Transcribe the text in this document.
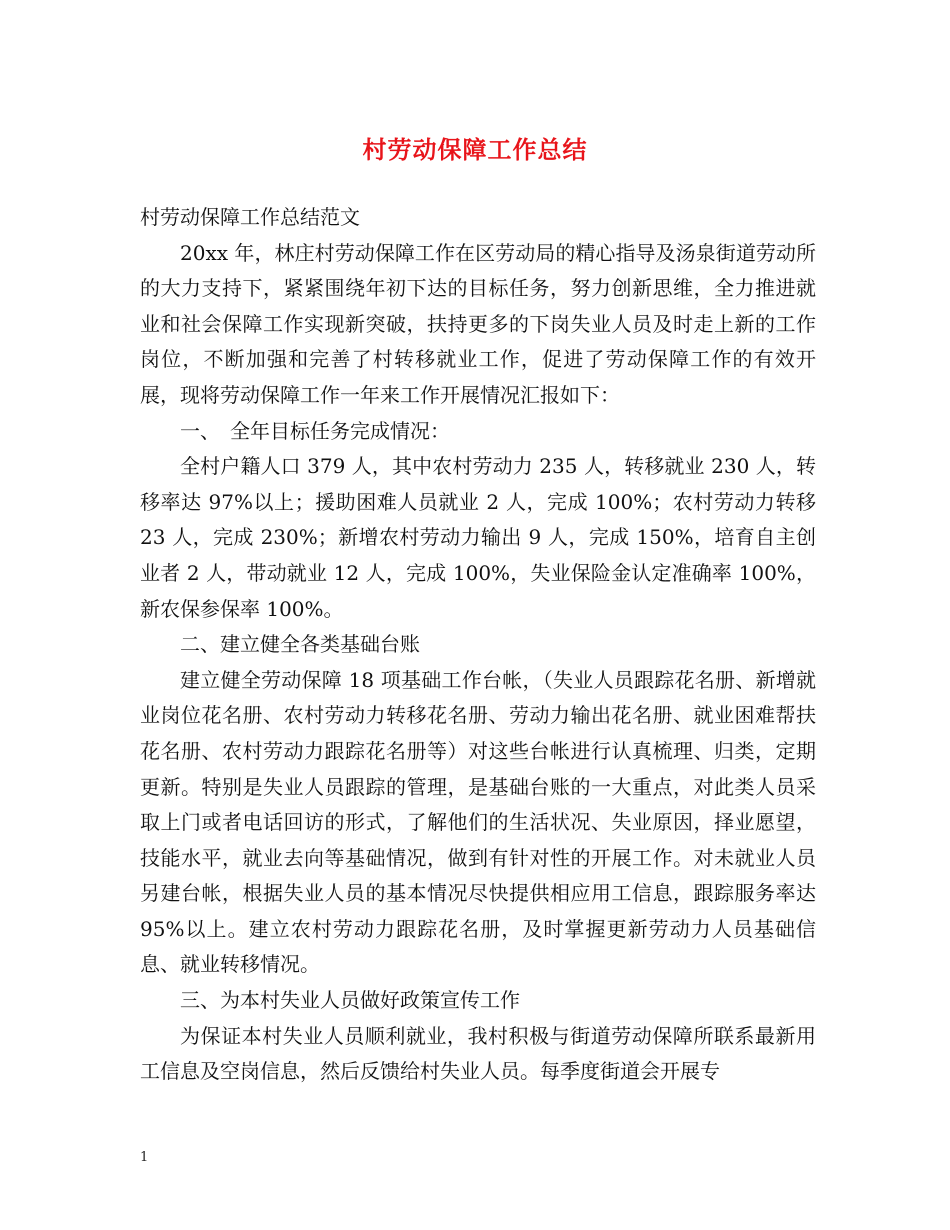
村劳动保障工作总结

村劳动保障工作总结范文

20xx 年，林庄村劳动保障工作在区劳动局的精心指导及汤泉街道劳动所的大力支持下，紧紧围绕年初下达的目标任务，努力创新思维，全力推进就业和社会保障工作实现新突破，扶持更多的下岗失业人员及时走上新的工作岗位，不断加强和完善了村转移就业工作，促进了劳动保障工作的有效开展，现将劳动保障工作一年来工作开展情况汇报如下：

一、　全年目标任务完成情况：

全村户籍人口 379 人，其中农村劳动力 235 人，转移就业 230 人，转移率达 97%以上；援助困难人员就业 2 人，完成 100%；农村劳动力转移 23 人，完成 230%；新增农村劳动力输出 9 人，完成 150%，培育自主创业者 2 人，带动就业 12 人，完成 100%，失业保险金认定准确率 100%，新农保参保率 100%。

二、建立健全各类基础台账

建立健全劳动保障 18 项基础工作台帐，（失业人员跟踪花名册、新增就业岗位花名册、农村劳动力转移花名册、劳动力输出花名册、就业困难帮扶花名册、农村劳动力跟踪花名册等）对这些台帐进行认真梳理、归类，定期更新。特别是失业人员跟踪的管理，是基础台账的一大重点，对此类人员采取上门或者电话回访的形式，了解他们的生活状况、失业原因，择业愿望，技能水平，就业去向等基础情况，做到有针对性的开展工作。对未就业人员另建台帐，根据失业人员的基本情况尽快提供相应用工信息，跟踪服务率达 95%以上。建立农村劳动力跟踪花名册，及时掌握更新劳动力人员基础信息、就业转移情况。

三、为本村失业人员做好政策宣传工作

为保证本村失业人员顺利就业，我村积极与街道劳动保障所联系最新用工信息及空岗信息，然后反馈给村失业人员。每季度街道会开展专

1
